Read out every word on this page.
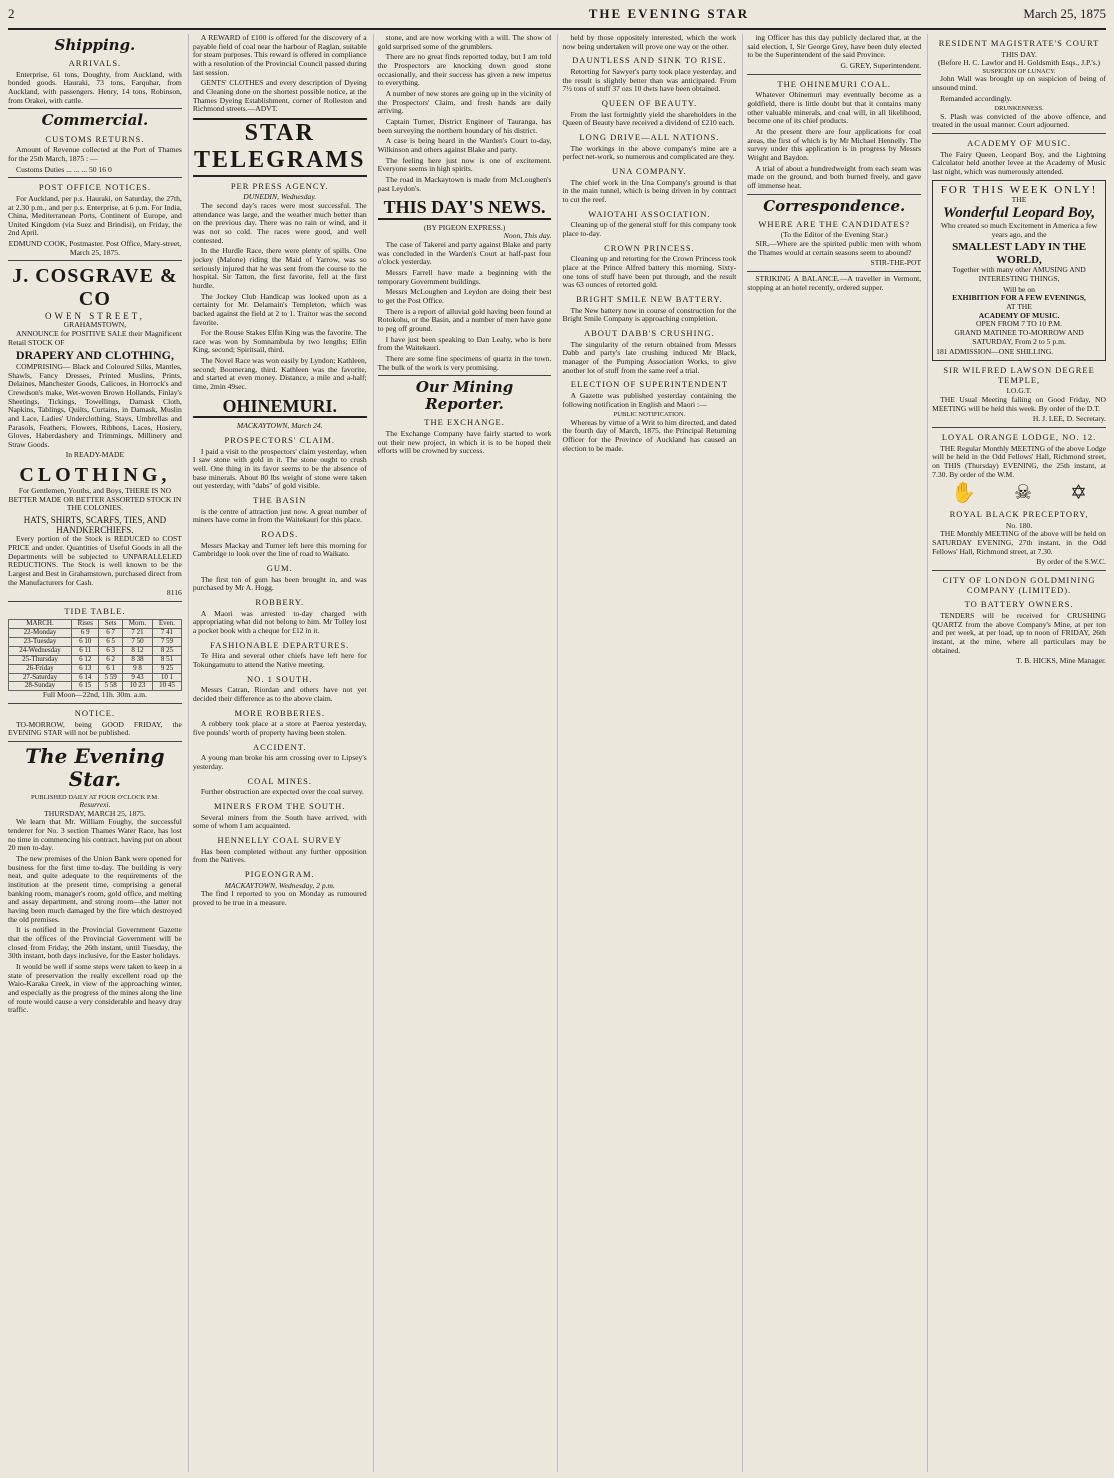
2	THE EVENING STAR	March 25, 1875
Shipping.
ARRIVALS.

Enterprise, 61 tons, Doughty, from Auckland, with bonded goods. Hauraki, 73 tons, Farquhar, from Auckland, with passengers. Henry, 14 tons, Robinson, from Orakei, with cattle.

Commercial.
CUSTOMS RETURNS.

Amount of Revenue collected at the Port of Thames for the 25th March, 1875 : —

Customs Duties ... ... ... 50 16 0

POST OFFICE NOTICES.

For Auckland, per p.s. Hauraki, on Saturday, the 27th, at 2.30 p.m., and per p.s. Enterprise, at 6 p.m. For India, China, Mediterranean Ports, Continent of Europe, and United Kingdom (via Suez and Brindisi), on Friday, the 2nd April.

EDMUND COOK, Postmaster. Post Office, Mary-street, March 25, 1875.

J. COSGRAVE & CO
OWEN STREET,
GRAHAMSTOWN,

ANNOUNCE for POSITIVE SALE their Magnificent Retail STOCK OF

DRAPERY AND CLOTHING,

COMPRISING— Black and Coloured Silks, Mantles, Shawls, Fancy Dresses, Printed Muslins, Prints, Delaines, Manchester Goods, Calicoes, in Horrock's and Crewdson's make, Wet-woven Brown Hollands, Finlay's Sheetings, Tickings, Towellings, Damask Cloth, Napkins, Tablings, Quilts, Curtains, in Damask, Muslin and Lace, Ladies' Underclothing, Stays, Umbrellas and Parasols, Feathers, Flowers, Ribbons, Laces, Hosiery, Gloves, Haberdashery and Trimmings, Millinery and Straw Goods.

In READY-MADE
CLOTHING,

For Gentlemen, Youths, and Boys, THERE IS NO BETTER MADE OR BETTER ASSORTED STOCK IN THE COLONIES.

HATS, SHIRTS, SCARFS, TIES, AND HANDKERCHIEFS.

Every portion of the Stock is REDUCED to COST PRICE and under. Quantities of Useful Goods in all the Departments will be subjected to UNPARALLELED REDUCTIONS. The Stock is well known to be the Largest and Best in Grahamstown, purchased direct from the Manufacturers for Cash.

8116
TIDE TABLE.
MARCH.	Rises	Sets	Morn.	Even.
22-Monday	6 9	6 7	7 21	7 41
23-Tuesday	6 10	6 5	7 50	7 59
24-Wednesday	6 11	6 3	8 12	8 25
25-Thursday	6 12	6 2	8 38	8 51
26-Friday	6 13	6 1	9 8	9 25
27-Saturday	6 14	5 59	9 43	10 1
28-Sunday	6 15	5 58	10 23	10 45
Full Moon—22nd, 11h. 30m. a.m.
NOTICE.

TO-MORROW, being GOOD FRIDAY, the EVENING STAR will not be published.

The Evening Star.
PUBLISHED DAILY AT FOUR O'CLOCK P.M.
Resurrexi.
THURSDAY, MARCH 25, 1875.

We learn that Mr. William Foughy, the successful tenderer for No. 3 section Thames Water Race, has lost no time in commencing his contract, having put on about 20 men to-day.

The new premises of the Union Bank were opened for business for the first time to-day. The building is very neat, and quite adequate to the requirements of the institution at the present time, comprising a general banking room, manager's room, gold office, and melting and assay department, and strong room—the latter not having been much damaged by the fire which destroyed the old premises.

It is notified in the Provincial Government Gazette that the offices of the Provincial Government will be closed from Friday, the 26th instant, until Tuesday, the 30th instant, both days inclusive, for the Easter holidays.

It would be well if some steps were taken to keep in a state of preservation the really excellent road up the Waio-Karaka Creek, in view of the approaching winter, and especially as the progress of the mines along the line of route would cause a very considerable and heavy dray traffic.

A REWARD of £100 is offered for the discovery of a payable field of coal near the harbour of Raglan, suitable for steam purposes. This reward is offered in compliance with a resolution of the Provincial Council passed during last session.

GENTS' CLOTHES and every description of Dyeing and Cleaning done on the shortest possible notice, at the Thames Dyeing Establishment, corner of Rolleston and Richmond streets.—ADVT.

STAR TELEGRAMS
PER PRESS AGENCY.
DUNEDIN, Wednesday.

The second day's races were most successful. The attendance was large, and the weather much better than on the previous day. There was no rain or wind, and it was not so cold. The races were good, and well contested.

In the Hurdle Race, there were plenty of spills. One jockey (Malone) riding the Maid of Yarrow, was so seriously injured that he was sent from the course to the hospital. Sir Tatton, the first favorite, fell at the first hurdle.

The Jockey Club Handicap was looked upon as a certainty for Mr. Delamain's Templeton, which was backed against the field at 2 to 1. Traitor was the second favorite.

For the Rouse Stakes Elfin King was the favorite. The race was won by Somnambula by two lengths; Elfin King, second; Spiritsail, third.

The Novel Race was won easily by Lyndon; Kathleen, second; Boomerang, third. Kathleen was the favorite, and started at even money. Distance, a mile and a-half; time, 2min 49sec.

OHINEMURI.
MACKAYTOWN, March 24.
PROSPECTORS' CLAIM.

I paid a visit to the prospectors' claim yesterday, when I saw stone with gold in it. The stone ought to crush well. One thing in its favor seems to be the absence of base minerals. About 80 lbs weight of stone were taken out yesterday, with "dabs" of gold visible.

THE BASIN

is the centre of attraction just now. A great number of miners have come in from the Waitekauri for this place.

ROADS.

Messrs Mackay and Turner left here this morning for Cambridge to look over the line of road to Waikato.

GUM.

The first ton of gum has been brought in, and was purchased by Mr A. Hogg.

ROBBERY.

A Maori was arrested to-day charged with appropriating what did not belong to him. Mr Tolley lost a pocket book with a cheque for £12 in it.

FASHIONABLE DEPARTURES.

Te Hira and several other chiefs have left here for Tokungamutu to attend the Native meeting.

NO. 1 SOUTH.

Messrs Catran, Riordan and others have not yet decided their difference as to the above claim.

MORE ROBBERIES.

A robbery took place at a store at Paeroa yesterday, five pounds' worth of property having been stolen.

ACCIDENT.

A young man broke his arm crossing over to Lipsey's yesterday.

COAL MINES.

Further obstruction are expected over the coal survey.

MINERS FROM THE SOUTH.

Several miners from the South have arrived, with some of whom I am acquainted.

HENNELLY COAL SURVEY

Has been completed without any further opposition from the Natives.

PIGEONGRAM.
MACKAYTOWN, Wednesday, 2 p.m.

The find I reported to you on Monday as rumoured proved to be true in a measure.

stone, and are now working with a will. The show of gold surprised some of the grumblers.

There are no great finds reported today, but I am told the Prospectors are knocking down good stone occasionally, and their success has given a new impetus to everything.

A number of new stores are going up in the vicinity of the Prospectors' Claim, and fresh hands are daily arriving.

Captain Turner, District Engineer of Tauranga, has been surveying the northern boundary of his district.

A case is being heard in the Warden's Court to-day, Wilkinson and others against Blake and party.

The feeling here just now is one of excitement. Everyone seems in high spirits.

The road in Mackaytown is made from McLoughen's past Leydon's.

THIS DAY'S NEWS.
(BY PIGEON EXPRESS.)
Noon, This day.

The case of Takerei and party against Blake and party was concluded in the Warden's Court at half-past four o'clock yesterday.

Messrs Farrell have made a beginning with the temporary Government buildings.

Messrs McLoughen and Leydon are doing their best to get the Post Office.

There is a report of alluvial gold having been found at Rotokohu, or the Basin, and a number of men have gone to peg off ground.

I have just been speaking to Dan Leahy, who is here from the Waitekauri.

There are some fine specimens of quartz in the town. The bulk of the work is very promising.

Our Mining Reporter.
THE EXCHANGE.

The Exchange Company have fairly started to work out their new project, in which it is to be hoped their efforts will be crowned by success.

held by those oppositely interested, which the work now being undertaken will prove one way or the other.

DAUNTLESS AND SINK TO RISE.

Retorting for Sawyer's party took place yesterday, and the result is slightly better than was anticipated. From 7½ tons of stuff 37 ozs 10 dwts have been obtained.

QUEEN OF BEAUTY.

From the last fortnightly yield the shareholders in the Queen of Beauty have received a dividend of £210 each.

LONG DRIVE—ALL NATIONS.

The workings in the above company's mine are a perfect net-work, so numerous and complicated are they.

UNA COMPANY.

The chief work in the Una Company's ground is that in the main tunnel, which is being driven in by contract to cut the reef.

WAIOTAHI ASSOCIATION.

Cleaning up of the general stuff for this company took place to-day.

CROWN PRINCESS.

Cleaning up and retorting for the Crown Princess took place at the Prince Alfred battery this morning. Sixty-one tons of stuff have been put through, and the result was 63 ounces of retorted gold.

BRIGHT SMILE NEW BATTERY.

The New battery now in course of construction for the Bright Smile Company is approaching completion.

ABOUT DABB'S CRUSHING.

The singularity of the return obtained from Messrs Dabb and party's late crushing induced Mr Black, manager of the Pumping Association Works, to give another lot of stuff from the same reef a trial.

ELECTION OF SUPERINTENDENT

A Gazette was published yesterday containing the following notification in English and Maori :—

PUBLIC NOTIFICATION.

Whereas by virtue of a Writ to him directed, and dated the fourth day of March, 1875, the Principal Returning Officer for the Province of Auckland has caused an election to be made.

ing Officer has this day publicly declared that, at the said election, I, Sir George Grey, have been duly elected to be the Superintendent of the said Province.

G. GREY, Superintendent.
THE OHINEMURI COAL.

Whatever Ohinemuri may eventually become as a goldfield, there is little doubt but that it contains many other valuable minerals, and coal will, in all likelihood, become one of its chief products.

At the present there are four applications for coal areas, the first of which is by Mr Michael Hennelly. The survey under this application is in progress by Messrs Wright and Baydon.

A trial of about a hundredweight from each seam was made on the ground, and both burned freely, and gave off immense heat.

Correspondence.
WHERE ARE THE CANDIDATES?
(To the Editor of the Evening Star.)

SIR,—Where are the spirited public men with whom the Thames would at certain seasons seem to abound?

STIR-THE-POT

STRIKING A BALANCE.—A traveller in Vermont, stopping at an hotel recently, ordered supper.

RESIDENT MAGISTRATE'S COURT
THIS DAY.
(Before H. C. Lawlor and H. Goldsmith Esqs., J.P.'s.)
SUSPICION OF LUNACY.

John Wall was brought up on suspicion of being of unsound mind.

Remanded accordingly.

DRUNKENNESS.

S. Plash was convicted of the above offence, and treated in the usual manner. Court adjourned.

ACADEMY OF MUSIC.

The Fairy Queen, Leopard Boy, and the Lightning Calculator held another levee at the Academy of Music last night, which was numerously attended.

FOR THIS WEEK ONLY!
THE
Wonderful Leopard Boy,

Who created so much Excitement in America a few years ago, and the

SMALLEST LADY IN THE WORLD,

Together with many other AMUSING AND INTERESTING THINGS,

Will be on
EXHIBITION FOR A FEW EVENINGS,
AT THE
ACADEMY OF MUSIC.
OPEN FROM 7 TO 10 P.M.

GRAND MATINEE TO-MORROW AND SATURDAY, From 2 to 5 p.m.

181 ADMISSION—ONE SHILLING.
SIR WILFRED LAWSON DEGREE TEMPLE,
I.O.G.T.

THE Usual Meeting falling on Good Friday, NO MEETING will be held this week. By order of the D.T.

H. J. LEE, D. Secretary.
LOYAL ORANGE LODGE, NO. 12.

THE Regular Monthly MEETING of the above Lodge will be held in the Odd Fellows' Hall, Richmond street, on THIS (Thursday) EVENING, the 25th instant, at 7.30. By order of the W.M.

✋ ☠ ✡
ROYAL BLACK PRECEPTORY,
No. 180.

THE Monthly MEETING of the above will be held on SATURDAY EVENING, 27th instant, in the Odd Fellows' Hall, Richmond street, at 7.30.

By order of the S.W.C.
CITY OF LONDON GOLDMINING COMPANY (LIMITED).
TO BATTERY OWNERS.

TENDERS will be received for CRUSHING QUARTZ from the above Company's Mine, at per ton and per week, at per load, up to noon of FRIDAY, 26th instant, at the mine, where all particulars may be obtained.

T. B. HICKS, Mine Manager.
